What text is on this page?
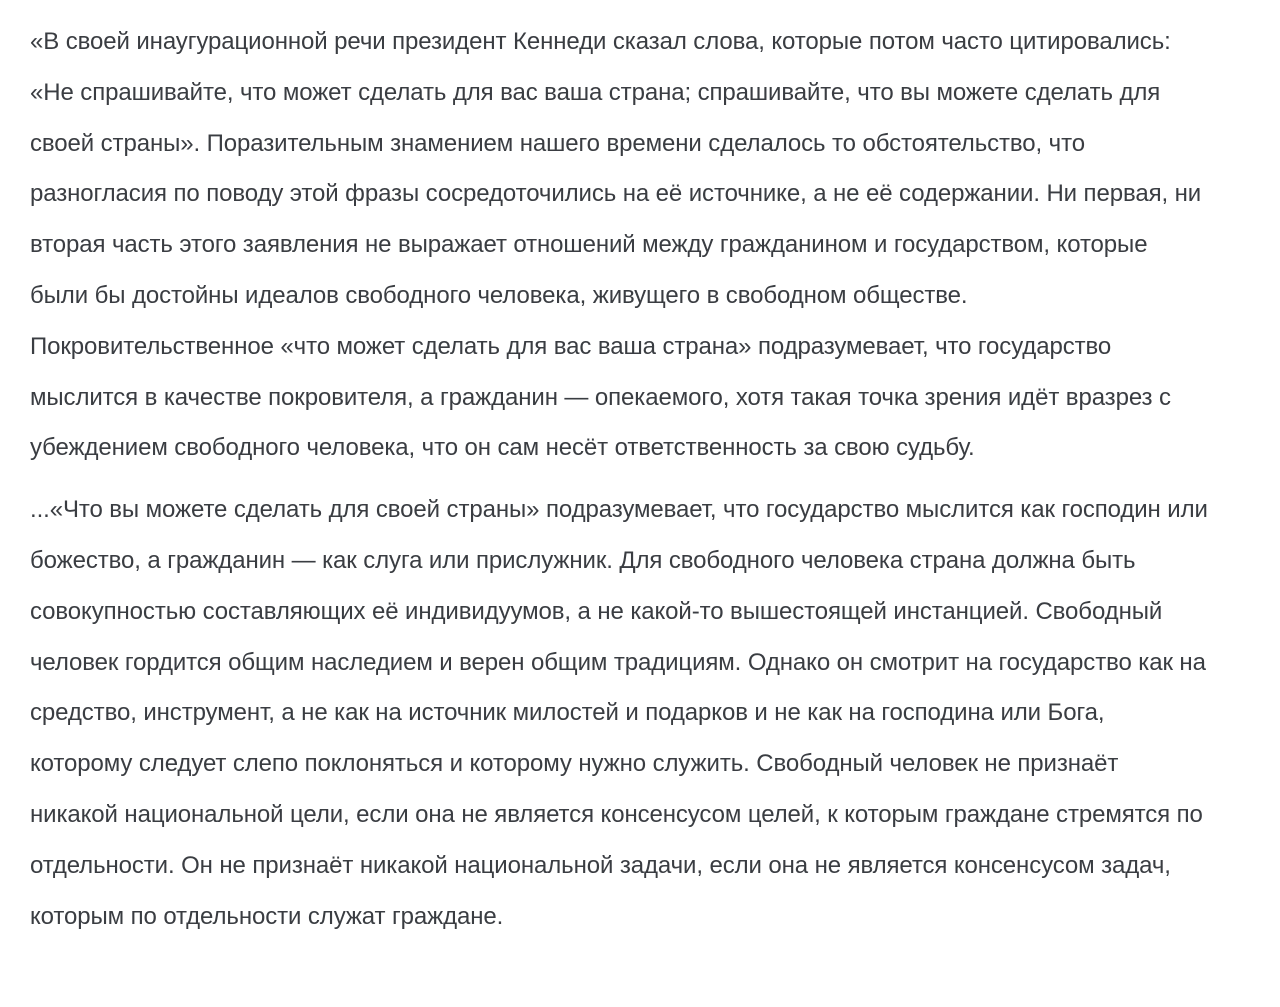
«В своей инаугурационной речи президент Кеннеди сказал слова, которые потом часто цитировались: «Не спрашивайте, что может сделать для вас ваша страна; спрашивайте, что вы можете сделать для своей страны». Поразительным знамением нашего времени сделалось то обстоятельство, что разногласия по поводу этой фразы сосредоточились на её источнике, а не её содержании. Ни первая, ни вторая часть этого заявления не выражает отношений между гражданином и государством, которые были бы достойны идеалов свободного человека, живущего в свободном обществе. Покровительственное «что может сделать для вас ваша страна» подразумевает, что государство мыслится в качестве покровителя, а гражданин — опекаемого, хотя такая точка зрения идёт вразрез с убеждением свободного человека, что он сам несёт ответственность за свою судьбу.

...«Что вы можете сделать для своей страны» подразумевает, что государство мыслится как господин или божество, а гражданин — как слуга или прислужник. Для свободного человека страна должна быть совокупностью составляющих её индивидуумов, а не какой-то вышестоящей инстанцией. Свободный человек гордится общим наследием и верен общим традициям. Однако он смотрит на государство как на средство, инструмент, а не как на источник милостей и подарков и не как на господина или Бога, которому следует слепо поклоняться и которому нужно служить. Свободный человек не признаёт никакой национальной цели, если она не является консенсусом целей, к которым граждане стремятся по отдельности. Он не признаёт никакой национальной задачи, если она не является консенсусом задач, которым по отдельности служат граждане.
